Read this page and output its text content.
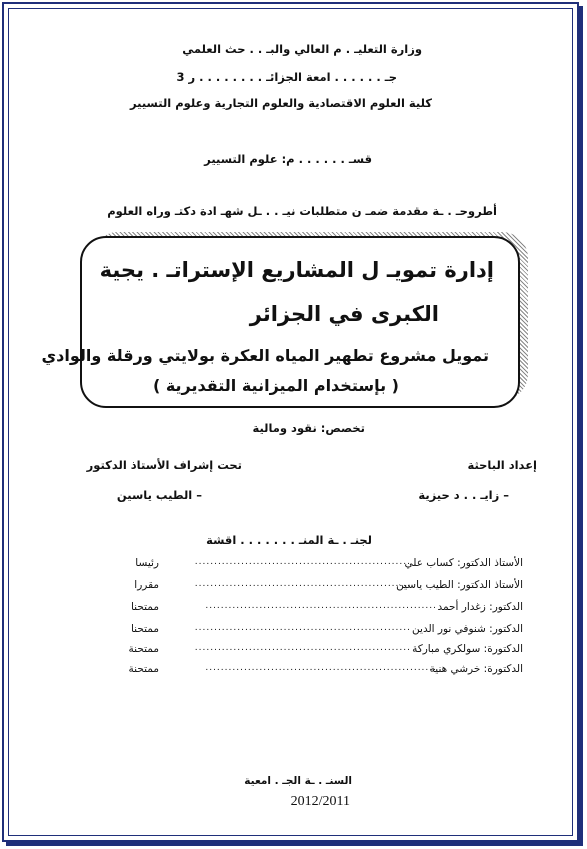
وزارة التعليـ . م العالي والبـ . . حث العلمي
جـ . . . . . . امعة الجزائـ . . . . . . . . ر 3
كلية العلوم الاقتصادية والعلوم التجارية وعلوم التسيير
قسـ . . . . . . م: علوم التسيير
أطروحـ . ـة مقدمة ضمـ ن متطلبات نيـ . . ـل شهـ ادة دكتـ وراه العلوم
إدارة تمويـ ل المشاريع الإستراتـ . يجية
الكبرى في الجزائر
تمويل مشروع تطهير المياه العكرة بولايتي ورقلة والوادي
( بإستخدام الميزانية التقديرية )
تخصص: نقود ومالية
إعداد الباحثة
– زايـ . . د حيزية
تحت إشراف الأستاذ الدكتور
– الطيب ياسين
لجنـ . ـة المنـ . . . . . . . اقشة
الأستاذ الدكتور: كساب علي
........................................................
رئيسا
الأستاذ الدكتور: الطيب ياسين
........................................................
مقررا
الدكتور: زغدار أحمد
............................................................
ممتحنا
الدكتور: شنوفي نور الدين
........................................................
ممتحنا
الدكتورة: سولكري مباركة
........................................................
ممتحنة
الدكتورة: خرشي هنية
............................................................
ممتحنة
السنـ . ـة الجـ . امعية
2012/2011
